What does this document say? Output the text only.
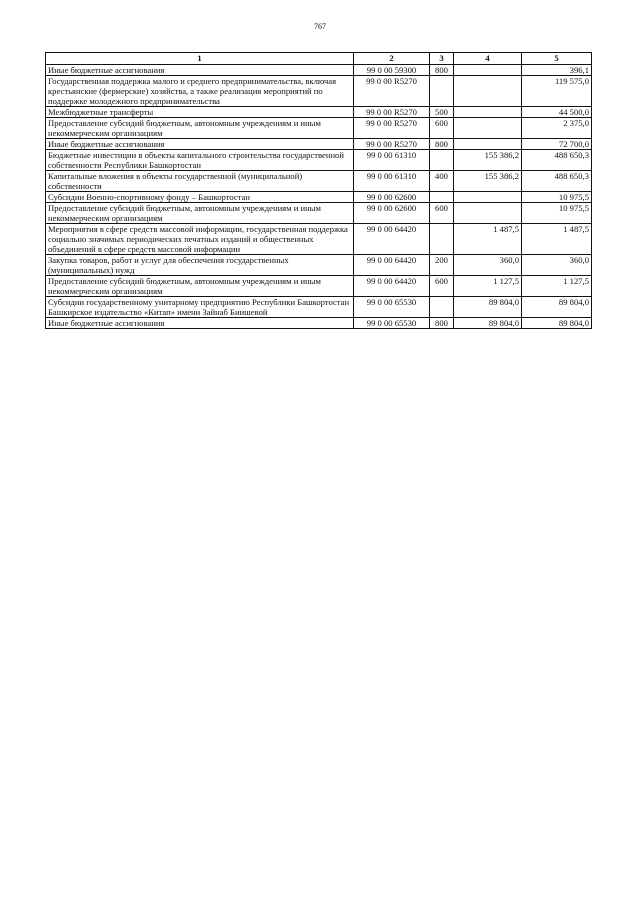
767
1	2	3	4	5
Иные бюджетные ассигнования	99 0 00 59300	800		396,1
Государственная поддержка малого и среднего предпринимательства, включая крестьянские (фермерские) хозяйства, а также реализация мероприятий по поддержке молодежного предпринимательства	99 0 00 R5270			119 575,0
Межбюджетные трансферты	99 0 00 R5270	500		44 500,0
Предоставление субсидий бюджетным, автономным учреждениям и иным некоммерческим организациям	99 0 00 R5270	600		2 375,0
Иные бюджетные ассигнования	99 0 00 R5270	800		72 700,0
Бюджетные инвестиции в объекты капитального строительства государственной собственности Республики Башкортостан	99 0 00 61310		155 386,2	488 650,3
Капитальные вложения в объекты государственной (муниципальной) собственности	99 0 00 61310	400	155 386,2	488 650,3
Субсидии Военно-спортивному фонду – Башкортостан	99 0 00 62600			10 975,5
Предоставление субсидий бюджетным, автономным учреждениям и иным некоммерческим организациям	99 0 00 62600	600		10 975,5
Мероприятия в сфере средств массовой информации, государственная поддержка социально значимых периодических печатных изданий и общественных объединений в сфере средств массовой информации	99 0 00 64420		1 487,5	1 487,5
Закупка товаров, работ и услуг для обеспечения государственных (муниципальных) нужд	99 0 00 64420	200	360,0	360,0
Предоставление субсидий бюджетным, автономным учреждениям и иным некоммерческим организациям	99 0 00 64420	600	1 127,5	1 127,5
Субсидии государственному унитарному предприятию Республики Башкортостан Башкирское издательство «Китап» имени Зайнаб Биишевой	99 0 00 65530		89 804,0	89 804,0
Иные бюджетные ассигнования	99 0 00 65530	800	89 804,0	89 804,0
